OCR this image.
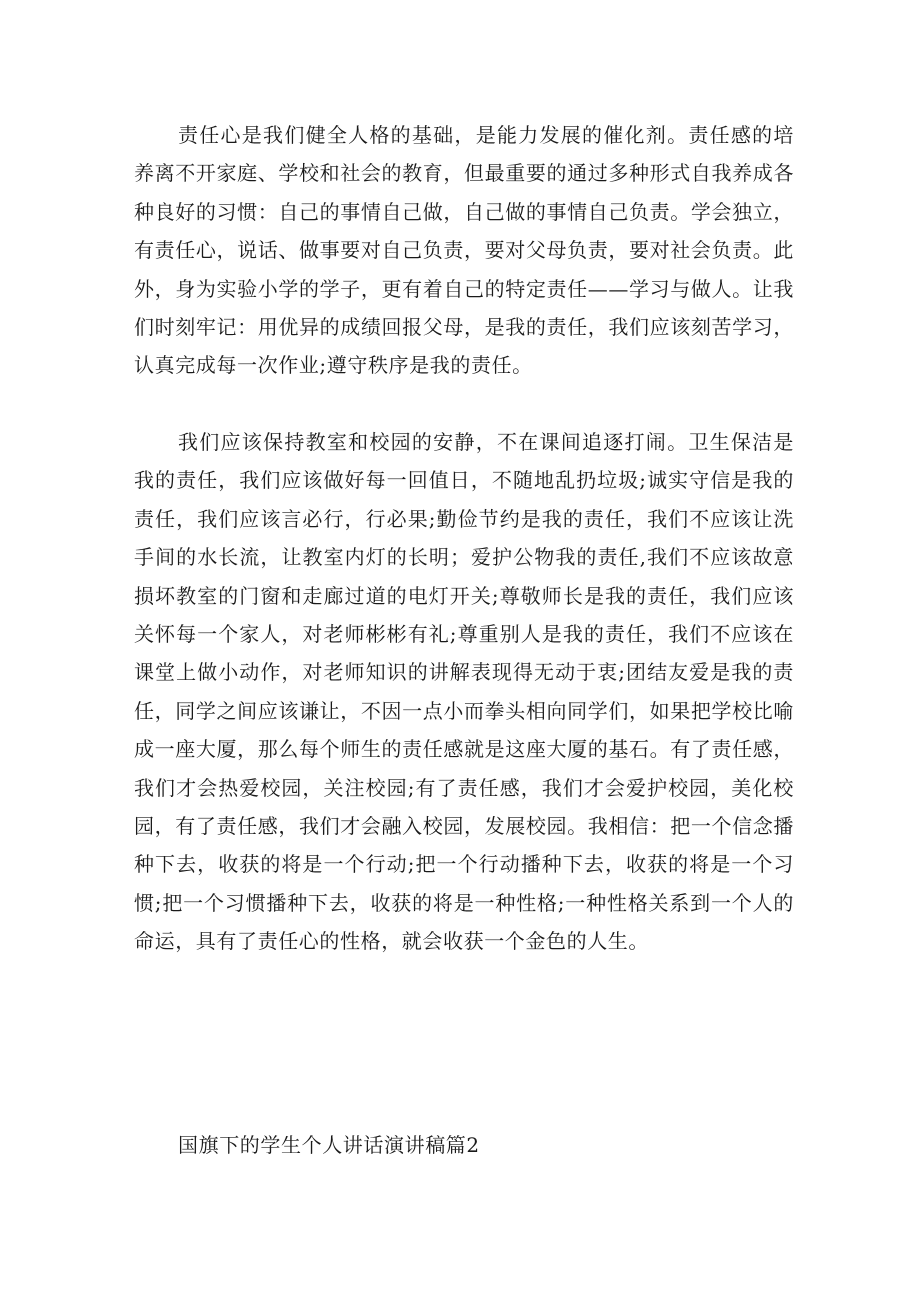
责任心是我们健全人格的基础，是能力发展的催化剂。责任感的培养离不开家庭、学校和社会的教育，但最重要的通过多种形式自我养成各种良好的习惯：自己的事情自己做，自己做的事情自己负责。学会独立，有责任心，说话、做事要对自己负责，要对父母负责，要对社会负责。此外，身为实验小学的学子，更有着自己的特定责任——学习与做人。让我们时刻牢记：用优异的成绩回报父母，是我的责任，我们应该刻苦学习，认真完成每一次作业;遵守秩序是我的责任。

我们应该保持教室和校园的安静，不在课间追逐打闹。卫生保洁是我的责任，我们应该做好每一回值日，不随地乱扔垃圾;诚实守信是我的责任，我们应该言必行，行必果;勤俭节约是我的责任，我们不应该让洗手间的水长流，让教室内灯的长明；爱护公物我的责任,我们不应该故意损坏教室的门窗和走廊过道的电灯开关;尊敬师长是我的责任，我们应该关怀每一个家人，对老师彬彬有礼;尊重别人是我的责任，我们不应该在课堂上做小动作，对老师知识的讲解表现得无动于衷;团结友爱是我的责任，同学之间应该谦让，不因一点小而拳头相向同学们，如果把学校比喻成一座大厦，那么每个师生的责任感就是这座大厦的基石。有了责任感，我们才会热爱校园，关注校园;有了责任感，我们才会爱护校园，美化校园，有了责任感，我们才会融入校园，发展校园。我相信：把一个信念播种下去，收获的将是一个行动;把一个行动播种下去，收获的将是一个习惯;把一个习惯播种下去，收获的将是一种性格;一种性格关系到一个人的命运，具有了责任心的性格，就会收获一个金色的人生。

国旗下的学生个人讲话演讲稿篇2
